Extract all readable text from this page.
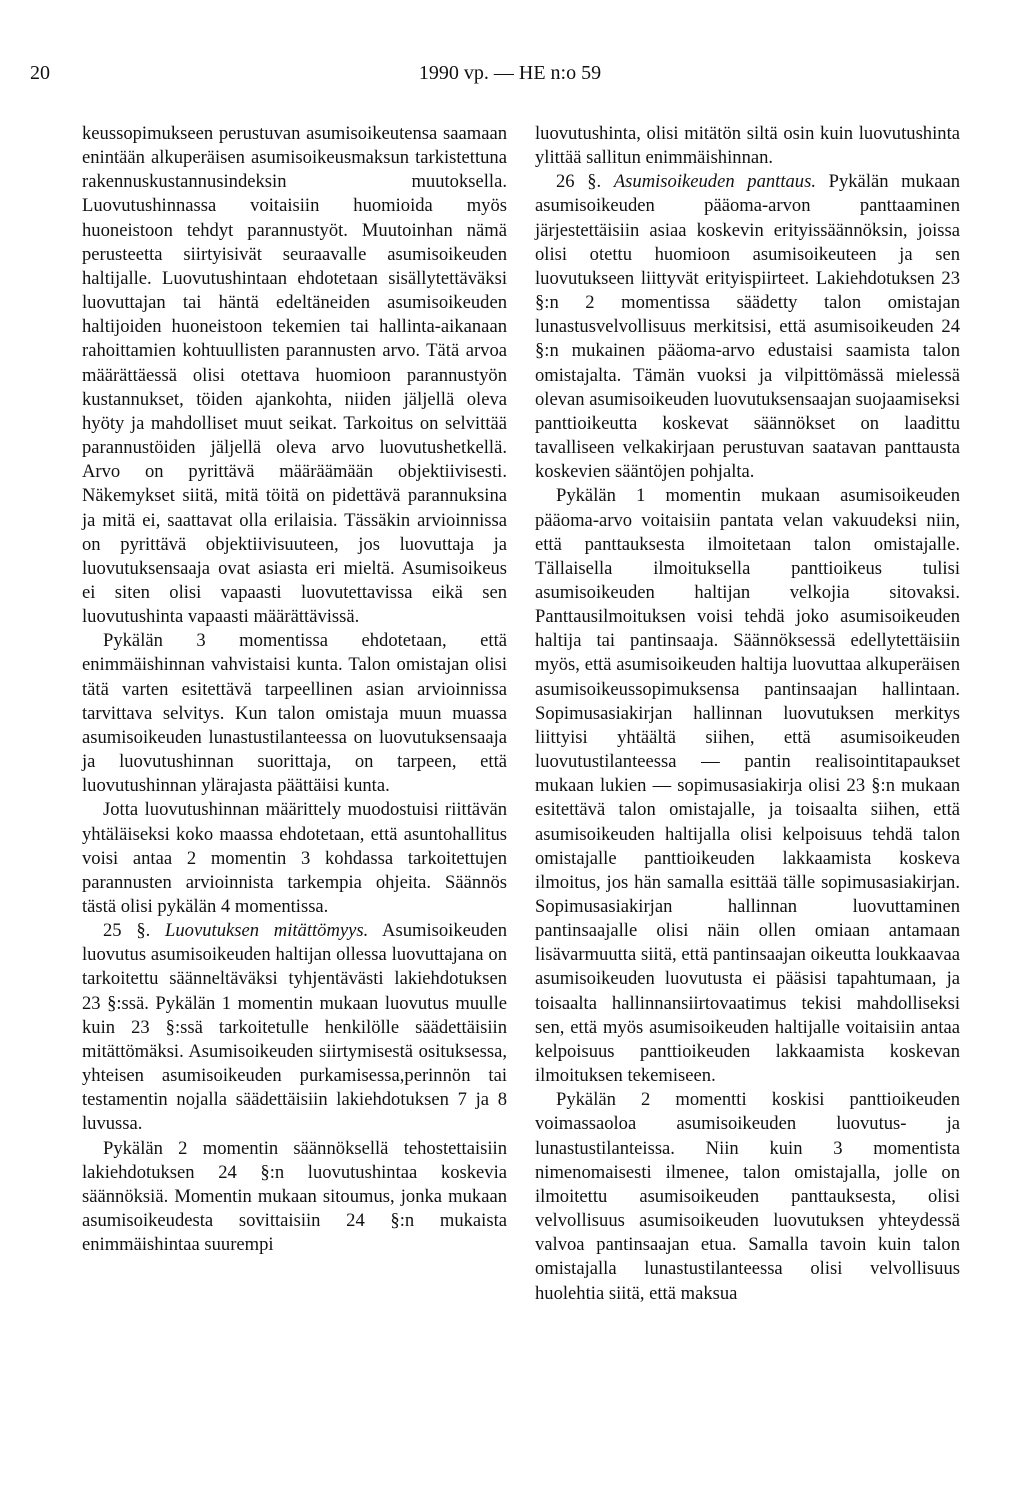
20	1990 vp. — HE n:o 59

keussopimukseen perustuvan asumisoikeutensa saamaan enintään alkuperäisen asumisoikeusmaksun tarkistettuna rakennuskustannusindeksin muutoksella. Luovutushinnassa voitaisiin huomioida myös huoneistoon tehdyt parannustyöt. Muutoinhan nämä perusteetta siirtyisivät seuraavalle asumisoikeuden haltijalle. Luovutushintaan ehdotetaan sisällytettäväksi luovuttajan tai häntä edeltäneiden asumisoikeuden haltijoiden huoneistoon tekemien tai hallinta-aikanaan rahoittamien kohtuullisten parannusten arvo. Tätä arvoa määrättäessä olisi otettava huomioon parannustyön kustannukset, töiden ajankohta, niiden jäljellä oleva hyöty ja mahdolliset muut seikat. Tarkoitus on selvittää parannustöiden jäljellä oleva arvo luovutushetkellä. Arvo on pyrittävä määräämään objektiivisesti. Näkemykset siitä, mitä töitä on pidettävä parannuksina ja mitä ei, saattavat olla erilaisia. Tässäkin arvioinnissa on pyrittävä objektiivisuuteen, jos luovuttaja ja luovutuksensaaja ovat asiasta eri mieltä. Asumisoikeus ei siten olisi vapaasti luovutettavissa eikä sen luovutushinta vapaasti määrättävissä.

Pykälän 3 momentissa ehdotetaan, että enimmäishinnan vahvistaisi kunta. Talon omistajan olisi tätä varten esitettävä tarpeellinen asian arvioinnissa tarvittava selvitys. Kun talon omistaja muun muassa asumisoikeuden lunastustilanteessa on luovutuksensaaja ja luovutushinnan suorittaja, on tarpeen, että luovutushinnan ylärajasta päättäisi kunta.

Jotta luovutushinnan määrittely muodostuisi riittävän yhtäläiseksi koko maassa ehdotetaan, että asuntohallitus voisi antaa 2 momentin 3 kohdassa tarkoitettujen parannusten arvioinnista tarkempia ohjeita. Säännös tästä olisi pykälän 4 momentissa.

25 §. Luovutuksen mitättömyys. Asumisoikeuden luovutus asumisoikeuden haltijan ollessa luovuttajana on tarkoitettu säänneltäväksi tyhjentävästi lakiehdotuksen 23 §:ssä. Pykälän 1 momentin mukaan luovutus muulle kuin 23 §:ssä tarkoitetulle henkilölle säädettäisiin mitättömäksi. Asumisoikeuden siirtymisestä osituksessa, yhteisen asumisoikeuden purkamisessa,perinnön tai testamentin nojalla säädettäisiin lakiehdotuksen 7 ja 8 luvussa.

Pykälän 2 momentin säännöksellä tehostettaisiin lakiehdotuksen 24 §:n luovutushintaa koskevia säännöksiä. Momentin mukaan sitoumus, jonka mukaan asumisoikeudesta sovittaisiin 24 §:n mukaista enimmäishintaa suurempi

luovutushinta, olisi mitätön siltä osin kuin luovutushinta ylittää sallitun enimmäishinnan.

26 §. Asumisoikeuden panttaus. Pykälän mukaan asumisoikeuden pääoma-arvon panttaaminen järjestettäisiin asiaa koskevin erityissäännöksin, joissa olisi otettu huomioon asumisoikeuteen ja sen luovutukseen liittyvät erityispiirteet. Lakiehdotuksen 23 §:n 2 momentissa säädetty talon omistajan lunastusvelvollisuus merkitsisi, että asumisoikeuden 24 §:n mukainen pääoma-arvo edustaisi saamista talon omistajalta. Tämän vuoksi ja vilpittömässä mielessä olevan asumisoikeuden luovutuksensaajan suojaamiseksi panttioikeutta koskevat säännökset on laadittu tavalliseen velkakirjaan perustuvan saatavan panttausta koskevien sääntöjen pohjalta.

Pykälän 1 momentin mukaan asumisoikeuden pääoma-arvo voitaisiin pantata velan vakuudeksi niin, että panttauksesta ilmoitetaan talon omistajalle. Tällaisella ilmoituksella panttioikeus tulisi asumisoikeuden haltijan velkojia sitovaksi. Panttausilmoituksen voisi tehdä joko asumisoikeuden haltija tai pantinsaaja. Säännöksessä edellytettäisiin myös, että asumisoikeuden haltija luovuttaa alkuperäisen asumisoikeussopimuksensa pantinsaajan hallintaan. Sopimusasiakirjan hallinnan luovutuksen merkitys liittyisi yhtäältä siihen, että asumisoikeuden luovutustilanteessa — pantin realisointitapaukset mukaan lukien — sopimusasiakirja olisi 23 §:n mukaan esitettävä talon omistajalle, ja toisaalta siihen, että asumisoikeuden haltijalla olisi kelpoisuus tehdä talon omistajalle panttioikeuden lakkaamista koskeva ilmoitus, jos hän samalla esittää tälle sopimusasiakirjan. Sopimusasiakirjan hallinnan luovuttaminen pantinsaajalle olisi näin ollen omiaan antamaan lisävarmuutta siitä, että pantinsaajan oikeutta loukkaavaa asumisoikeuden luovutusta ei pääsisi tapahtumaan, ja toisaalta hallinnansiirtovaatimus tekisi mahdolliseksi sen, että myös asumisoikeuden haltijalle voitaisiin antaa kelpoisuus panttioikeuden lakkaamista koskevan ilmoituksen tekemiseen.

Pykälän 2 momentti koskisi panttioikeuden voimassaoloa asumisoikeuden luovutus- ja lunastustilanteissa. Niin kuin 3 momentista nimenomaisesti ilmenee, talon omistajalla, jolle on ilmoitettu asumisoikeuden panttauksesta, olisi velvollisuus asumisoikeuden luovutuksen yhteydessä valvoa pantinsaajan etua. Samalla tavoin kuin talon omistajalla lunastustilanteessa olisi velvollisuus huolehtia siitä, että maksua
